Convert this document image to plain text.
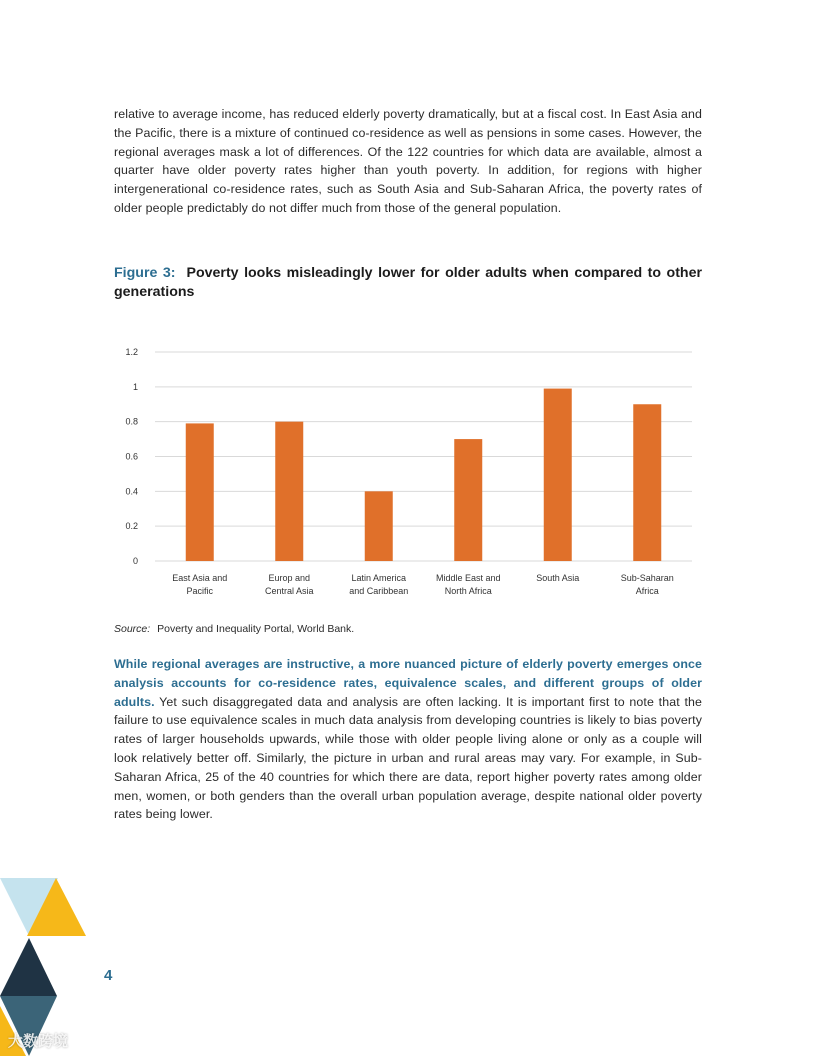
relative to average income, has reduced elderly poverty dramatically, but at a fiscal cost. In East Asia and the Pacific, there is a mixture of continued co-residence as well as pensions in some cases. However, the regional averages mask a lot of differences. Of the 122 countries for which data are available, almost a quarter have older poverty rates higher than youth poverty. In addition, for regions with higher intergenerational co-residence rates, such as South Asia and Sub-Saharan Africa, the poverty rates of older people predictably do not differ much from those of the general population.

Figure 3: Poverty looks misleadingly lower for older adults when compared to other generations

0
0.2
0.4
0.6
0.8
1
1.2
East Asia and
Pacific
Europ and
Central Asia
Latin America
and Caribbean
Middle East and
North Africa
South Asia	Sub-Saharan
Africa

Source: Poverty and Inequality Portal, World Bank.

While regional averages are instructive, a more nuanced picture of elderly poverty emerges once analysis accounts for co-residence rates, equivalence scales, and different groups of older adults. Yet such disaggregated data and analysis are often lacking. It is important first to note that the failure to use equivalence scales in much data analysis from developing countries is likely to bias poverty rates of larger households upwards, while those with older people living alone or only as a couple will look relatively better off. Similarly, the picture in urban and rural areas may vary. For example, in Sub-Saharan Africa, 25 of the 40 countries for which there are data, report higher poverty rates among older men, women, or both genders than the overall urban population average, despite national older poverty rates being lower.

4
大数跨境
